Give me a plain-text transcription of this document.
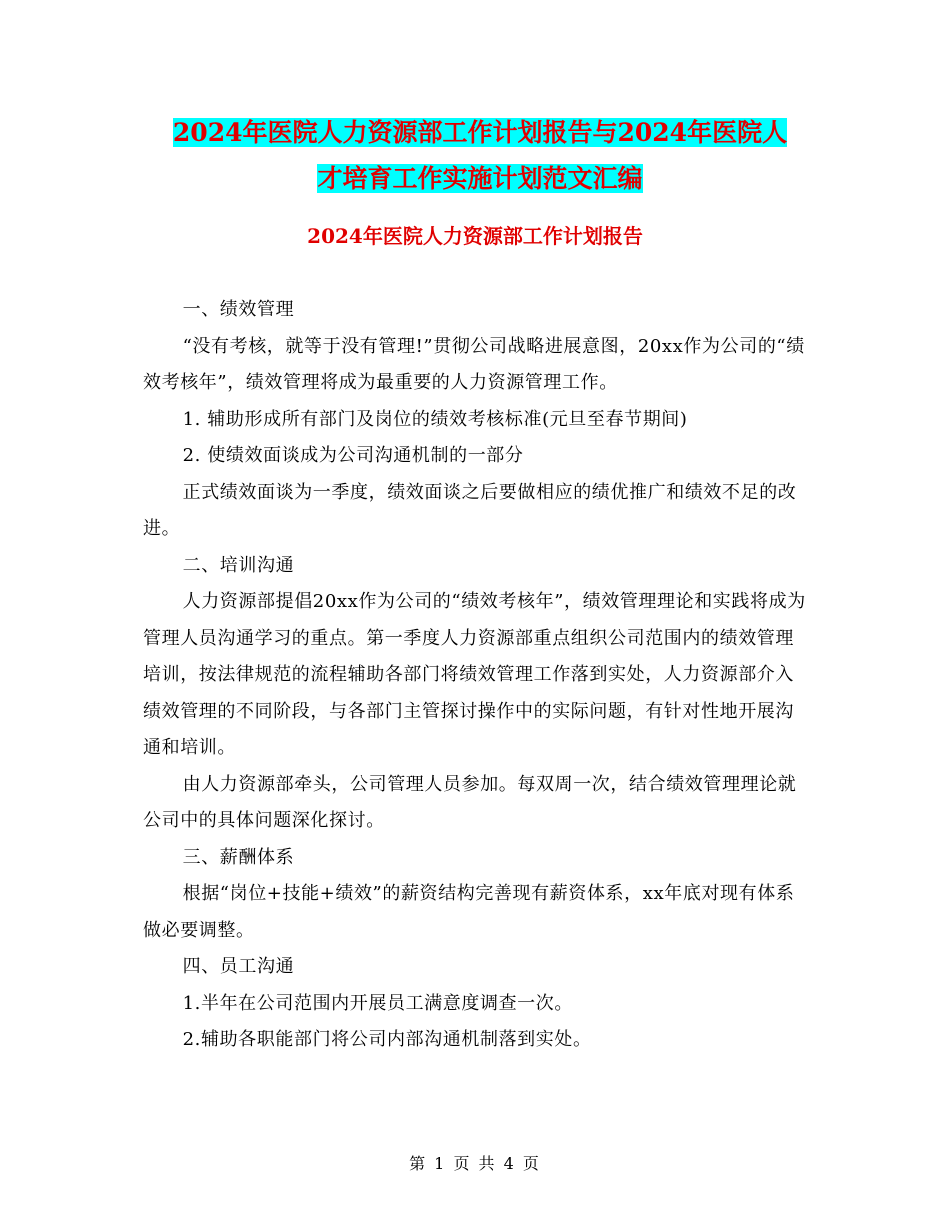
2024年医院人力资源部工作计划报告与2024年医院人
才培育工作实施计划范文汇编
2024年医院人力资源部工作计划报告

一、绩效管理

“没有考核，就等于没有管理!”贯彻公司战略进展意图，20xx作为公司的“绩效考核年”，绩效管理将成为最重要的人力资源管理工作。

1. 辅助形成所有部门及岗位的绩效考核标准(元旦至春节期间)

2. 使绩效面谈成为公司沟通机制的一部分

正式绩效面谈为一季度，绩效面谈之后要做相应的绩优推广和绩效不足的改进。

二、培训沟通

人力资源部提倡20xx作为公司的“绩效考核年”，绩效管理理论和实践将成为管理人员沟通学习的重点。第一季度人力资源部重点组织公司范围内的绩效管理培训，按法律规范的流程辅助各部门将绩效管理工作落到实处，人力资源部介入绩效管理的不同阶段，与各部门主管探讨操作中的实际问题，有针对性地开展沟通和培训。

由人力资源部牵头，公司管理人员参加。每双周一次，结合绩效管理理论就公司中的具体问题深化探讨。

三、薪酬体系

根据“岗位+技能+绩效”的薪资结构完善现有薪资体系，xx年底对现有体系做必要调整。

四、员工沟通

1.半年在公司范围内开展员工满意度调查一次。

2.辅助各职能部门将公司内部沟通机制落到实处。

第 1 页 共 4 页
